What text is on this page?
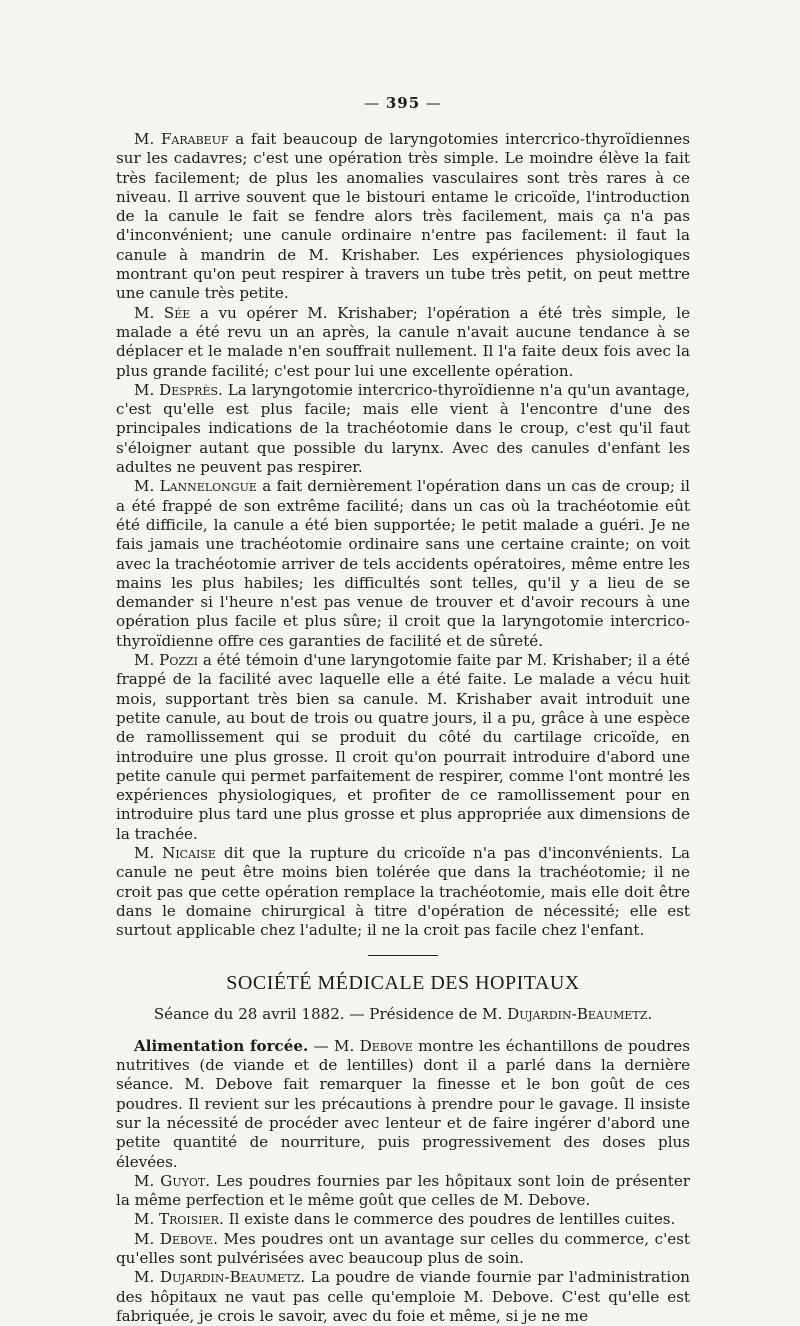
— 395 —

M. Farabeuf a fait beaucoup de laryngotomies intercrico-thyroïdiennes sur les cadavres; c'est une opération très simple. Le moindre élève la fait très facilement; de plus les anomalies vasculaires sont très rares à ce niveau. Il arrive souvent que le bistouri entame le cricoïde, l'introduction de la canule le fait se fendre alors très facilement, mais ça n'a pas d'inconvénient; une canule ordinaire n'entre pas facilement: il faut la canule à mandrin de M. Krishaber. Les expériences physiologiques montrant qu'on peut respirer à travers un tube très petit, on peut mettre une canule très petite.

M. Sée a vu opérer M. Krishaber; l'opération a été très simple, le malade a été revu un an après, la canule n'avait aucune tendance à se déplacer et le malade n'en souffrait nullement. Il l'a faite deux fois avec la plus grande facilité; c'est pour lui une excellente opération.

M. Desprès. La laryngotomie intercrico-thyroïdienne n'a qu'un avantage, c'est qu'elle est plus facile; mais elle vient à l'encontre d'une des principales indications de la trachéotomie dans le croup, c'est qu'il faut s'éloigner autant que possible du larynx. Avec des canules d'enfant les adultes ne peuvent pas respirer.

M. Lannelongue a fait dernièrement l'opération dans un cas de croup; il a été frappé de son extrême facilité; dans un cas où la trachéotomie eût été difficile, la canule a été bien supportée; le petit malade a guéri. Je ne fais jamais une trachéotomie ordinaire sans une certaine crainte; on voit avec la trachéotomie arriver de tels accidents opératoires, même entre les mains les plus habiles; les difficultés sont telles, qu'il y a lieu de se demander si l'heure n'est pas venue de trouver et d'avoir recours à une opération plus facile et plus sûre; il croit que la laryngotomie intercrico-thyroïdienne offre ces garanties de facilité et de sûreté.

M. Pozzi a été témoin d'une laryngotomie faite par M. Krishaber; il a été frappé de la facilité avec laquelle elle a été faite. Le malade a vécu huit mois, supportant très bien sa canule. M. Krishaber avait introduit une petite canule, au bout de trois ou quatre jours, il a pu, grâce à une espèce de ramollissement qui se produit du côté du cartilage cricoïde, en introduire une plus grosse. Il croit qu'on pourrait introduire d'abord une petite canule qui permet parfaitement de respirer, comme l'ont montré les expériences physiologiques, et profiter de ce ramollissement pour en introduire plus tard une plus grosse et plus appropriée aux dimensions de la trachée.

M. Nicaise dit que la rupture du cricoïde n'a pas d'inconvénients. La canule ne peut être moins bien tolérée que dans la trachéotomie; il ne croit pas que cette opération remplace la trachéotomie, mais elle doit être dans le domaine chirurgical à titre d'opération de nécessité; elle est surtout applicable chez l'adulte; il ne la croit pas facile chez l'enfant.

SOCIÉTÉ MÉDICALE DES HOPITAUX
Séance du 28 avril 1882. — Présidence de M. Dujardin-Beaumetz.

Alimentation forcée. — M. Debove montre les échantillons de poudres nutritives (de viande et de lentilles) dont il a parlé dans la dernière séance. M. Debove fait remarquer la finesse et le bon goût de ces poudres. Il revient sur les précautions à prendre pour le gavage. Il insiste sur la nécessité de procéder avec lenteur et de faire ingérer d'abord une petite quantité de nourriture, puis progressivement des doses plus élevées.

M. Guyot. Les poudres fournies par les hôpitaux sont loin de présenter la même perfection et le même goût que celles de M. Debove.

M. Troisier. Il existe dans le commerce des poudres de lentilles cuites.

M. Debove. Mes poudres ont un avantage sur celles du commerce, c'est qu'elles sont pulvérisées avec beaucoup plus de soin.

M. Dujardin-Beaumetz. La poudre de viande fournie par l'administration des hôpitaux ne vaut pas celle qu'emploie M. Debove. C'est qu'elle est fabriquée, je crois le savoir, avec du foie et même, si je ne me
